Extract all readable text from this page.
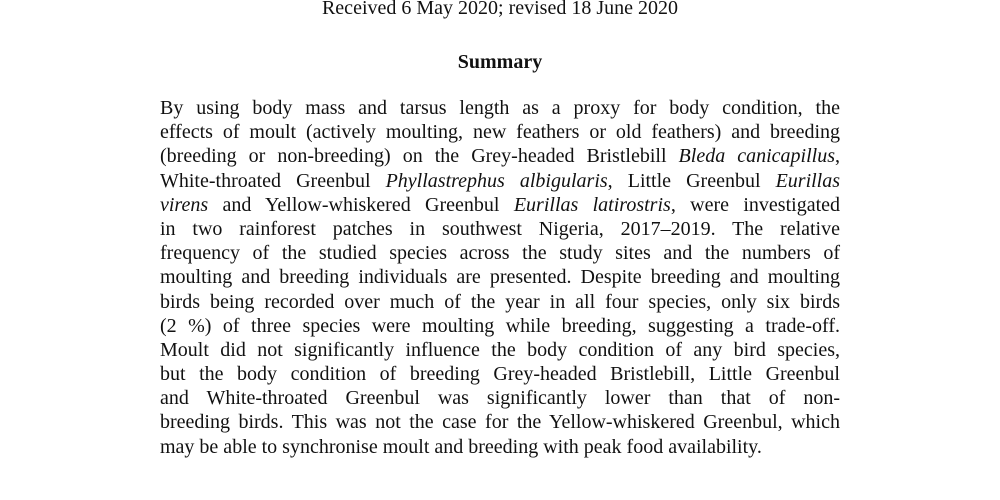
Received 6 May 2020; revised 18 June 2020
Summary
By using body mass and tarsus length as a proxy for body condition, the
effects of moult (actively moulting, new feathers or old feathers) and breeding
(breeding or non-breeding) on the Grey-headed Bristlebill Bleda canicapillus,
White-throated Greenbul Phyllastrephus albigularis, Little Greenbul Eurillas
virens and Yellow-whiskered Greenbul Eurillas latirostris, were investigated
in two rainforest patches in southwest Nigeria, 2017–2019. The relative
frequency of the studied species across the study sites and the numbers of
moulting and breeding individuals are presented. Despite breeding and moulting
birds being recorded over much of the year in all four species, only six birds
(2 %) of three species were moulting while breeding, suggesting a trade-off.
Moult did not significantly influence the body condition of any bird species,
but the body condition of breeding Grey-headed Bristlebill, Little Greenbul
and White-throated Greenbul was significantly lower than that of non-
breeding birds. This was not the case for the Yellow-whiskered Greenbul, which
may be able to synchronise moult and breeding with peak food availability.
